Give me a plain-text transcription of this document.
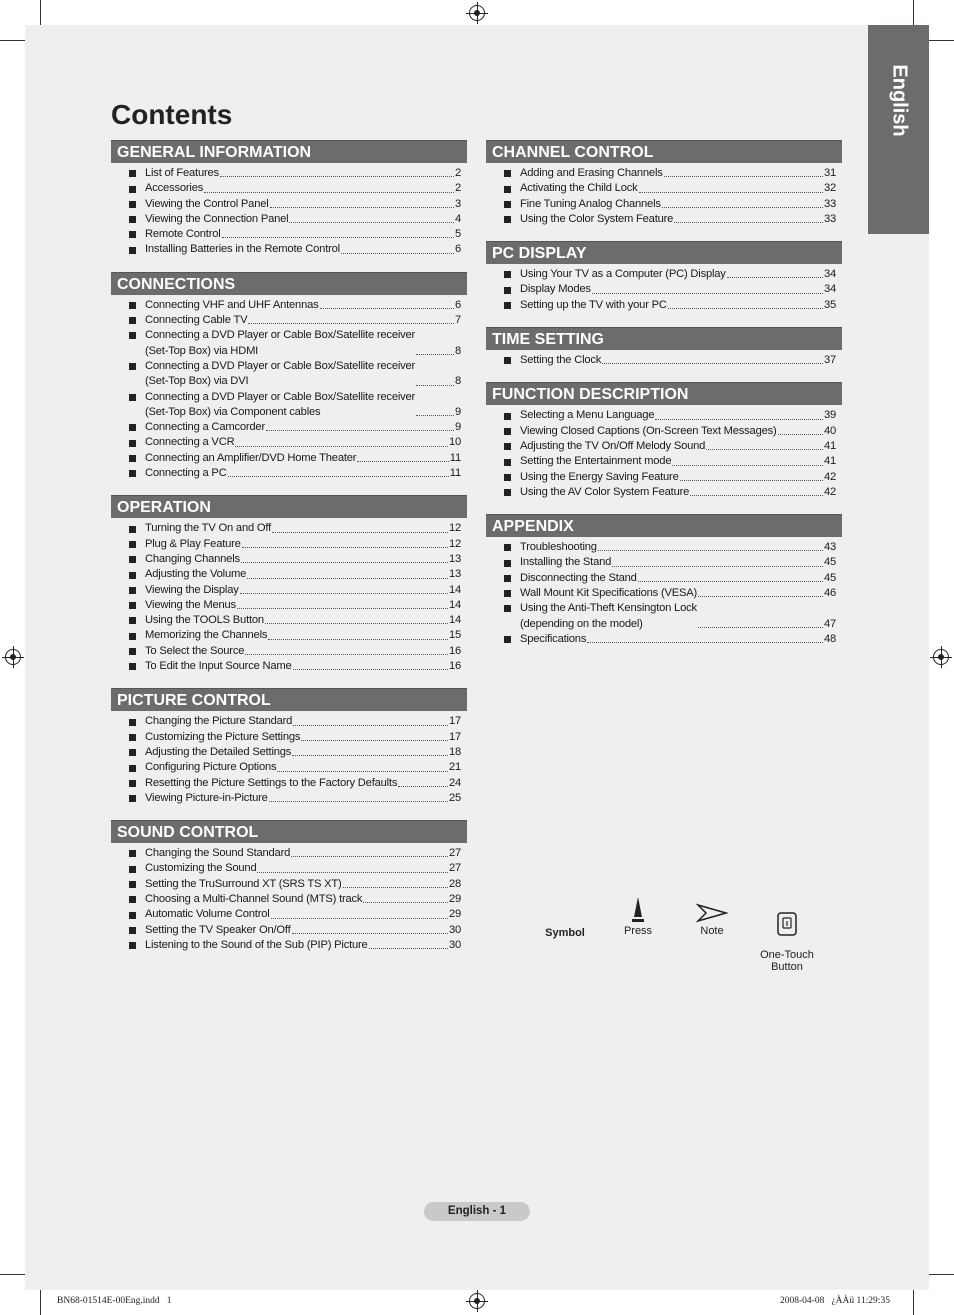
English
Contents
GENERAL INFORMATION
List of Features	2
Accessories	2
Viewing the Control Panel	3
Viewing the Connection Panel	4
Remote Control	5
Installing Batteries in the Remote Control	6
CONNECTIONS
Connecting VHF and UHF Antennas	6
Connecting Cable TV	7
Connecting a DVD Player or Cable Box/Satellite receiver
(Set-Top Box) via HDMI	8
Connecting a DVD Player or Cable Box/Satellite receiver
(Set-Top Box) via DVI	8
Connecting a DVD Player or Cable Box/Satellite receiver
(Set-Top Box) via Component cables	9
Connecting a Camcorder	9
Connecting a VCR	10
Connecting an Amplifier/DVD Home Theater	11
Connecting a PC	11
OPERATION
Turning the TV On and Off	12
Plug & Play Feature	12
Changing Channels	13
Adjusting the Volume	13
Viewing the Display	14
Viewing the Menus	14
Using the TOOLS Button	14
Memorizing the Channels	15
To Select the Source	16
To Edit the Input Source Name	16
PICTURE CONTROL
Changing the Picture Standard	17
Customizing the Picture Settings	17
Adjusting the Detailed Settings	18
Configuring Picture Options	21
Resetting the Picture Settings to the Factory Defaults	24
Viewing Picture-in-Picture	25
SOUND CONTROL
Changing the Sound Standard	27
Customizing the Sound	27
Setting the TruSurround XT (SRS TS XT)	28
Choosing a Multi-Channel Sound (MTS) track	29
Automatic Volume Control	29
Setting the TV Speaker On/Off	30
Listening to the Sound of the Sub (PIP) Picture	30
CHANNEL CONTROL
Adding and Erasing Channels	31
Activating the Child Lock	32
Fine Tuning Analog Channels	33
Using the Color System Feature	33
PC DISPLAY
Using Your TV as a Computer (PC) Display	34
Display Modes	34
Setting up the TV with your PC	35
TIME SETTING
Setting the Clock	37
FUNCTION DESCRIPTION
Selecting a Menu Language	39
Viewing Closed Captions (On-Screen Text Messages)	40
Adjusting the TV On/Off Melody Sound	41
Setting the Entertainment mode	41
Using the Energy Saving Feature	42
Using the AV Color System Feature	42
APPENDIX
Troubleshooting	43
Installing the Stand	45
Disconnecting the Stand	45
Wall Mount Kit Specifications (VESA)	46
Using the Anti-Theft Kensington Lock
(depending on the model)	47
Specifications	48
Symbol	Press	Note

One-Touch
Button

English - 1
BN68-01514E-00Eng.indd   1	2008-04-08   ¿ÀÀü 11:29:35
